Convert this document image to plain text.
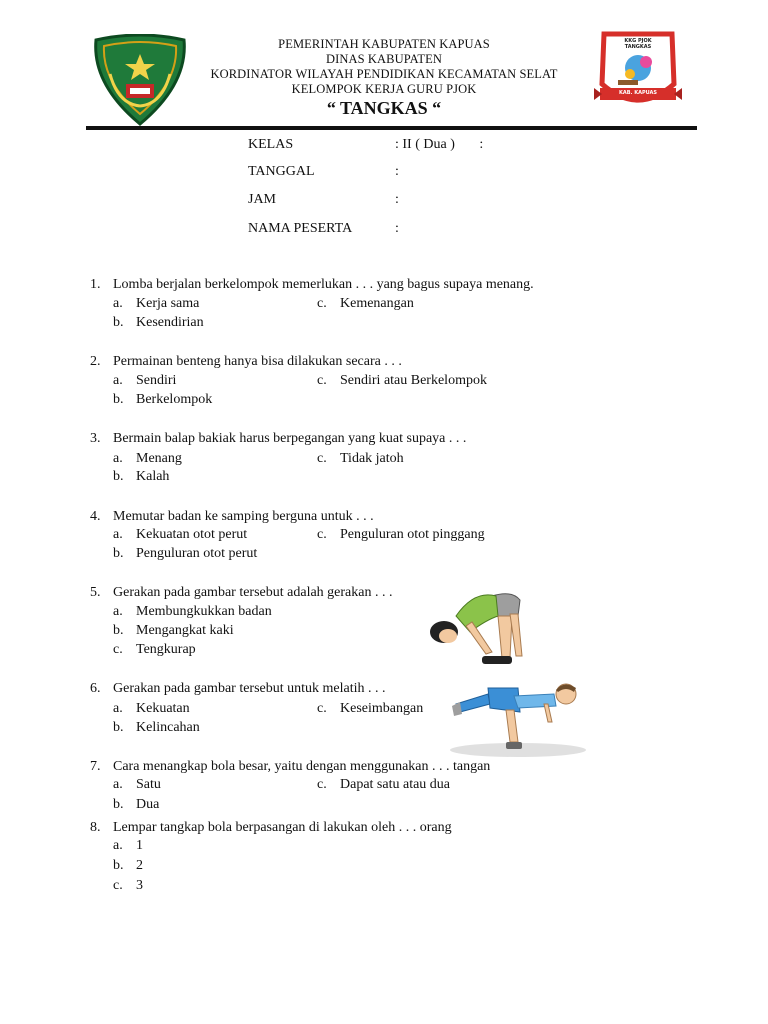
KKG PJOK TANGKAS
KAB. KAPUAS
PEMERINTAH KABUPATEN KAPUAS
DINAS KABUPATEN
KORDINATOR WILAYAH PENDIDIKAN KECAMATAN SELAT
KELOMPOK KERJA GURU PJOK
“ TANGKAS “
KELAS	: II ( Dua )       :
TANGGAL	:
JAM	:
NAMA PESERTA	:
1. Lomba berjalan berkelompok memerlukan . . . yang bagus supaya menang.
a. Kerja sama	c. Kemenangan
b. Kesendirian
2. Permainan benteng hanya bisa dilakukan secara . . .
a. Sendiri	c. Sendiri atau Berkelompok
b. Berkelompok
3. Bermain balap bakiak harus berpegangan yang kuat supaya . . .
a. Menang	c. Tidak jatoh
b. Kalah
4. Memutar badan ke samping berguna untuk . . .
a. Kekuatan otot perut	c. Penguluran otot pinggang
b. Penguluran otot perut
5. Gerakan pada gambar tersebut adalah gerakan . . .
a. Membungkukkan badan
b. Mengangkat kaki
c. Tengkurap
6. Gerakan pada gambar tersebut untuk melatih . . .
a. Kekuatan	c. Keseimbangan
b. Kelincahan
7. Cara menangkap bola besar, yaitu dengan menggunakan . . . tangan
a. Satu	c. Dapat satu atau dua
b. Dua
8. Lempar tangkap bola berpasangan di lakukan oleh . . . orang
a. 1
b. 2
c. 3
